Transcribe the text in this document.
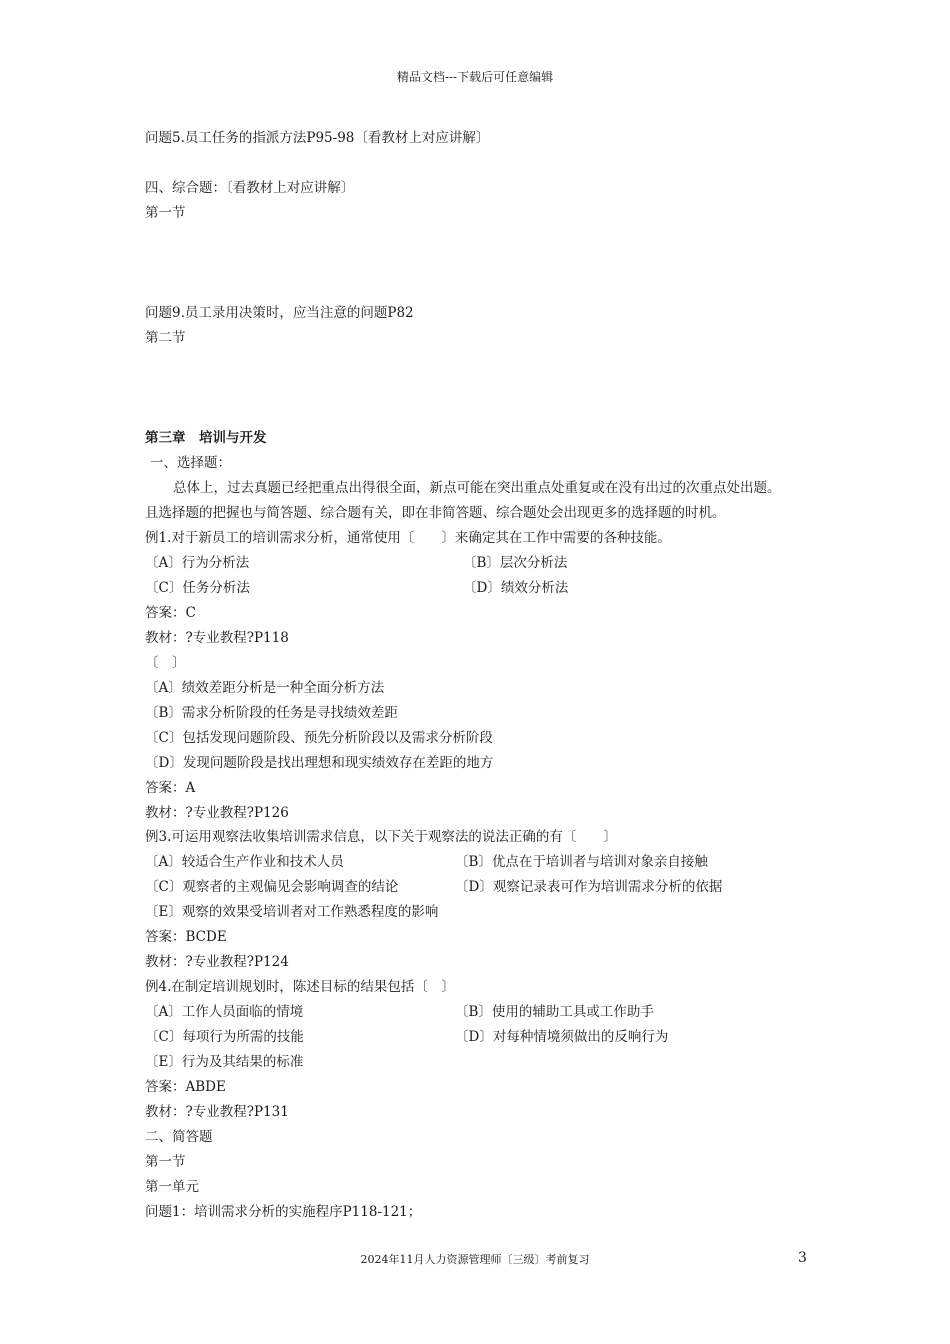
精品文档---下载后可任意编辑
问题5.员工任务的指派方法P95-98〔看教材上对应讲解〕
四、综合题：〔看教材上对应讲解〕
第一节
问题9.员工录用决策时，应当注意的问题P82
第二节
第三章　培训与开发
一、选择题：
总体上，过去真题已经把重点出得很全面，新点可能在突出重点处重复或在没有出过的次重点处出题。
且选择题的把握也与简答题、综合题有关，即在非简答题、综合题处会出现更多的选择题的时机。
例1.对于新员工的培训需求分析，通常使用〔　　〕来确定其在工作中需要的各种技能。
〔A〕行为分析法	〔B〕层次分析法
〔C〕任务分析法	〔D〕绩效分析法
答案：C
教材：?专业教程?P118
〔　〕
〔A〕绩效差距分析是一种全面分析方法
〔B〕需求分析阶段的任务是寻找绩效差距
〔C〕包括发现问题阶段、预先分析阶段以及需求分析阶段
〔D〕发现问题阶段是找出理想和现实绩效存在差距的地方
答案：A
教材：?专业教程?P126
例3.可运用观察法收集培训需求信息，以下关于观察法的说法正确的有〔　　〕
〔A〕较适合生产作业和技术人员	〔B〕优点在于培训者与培训对象亲自接触
〔C〕观察者的主观偏见会影响调查的结论	〔D〕观察记录表可作为培训需求分析的依据
〔E〕观察的效果受培训者对工作熟悉程度的影响
答案：BCDE
教材：?专业教程?P124
例4.在制定培训规划时，陈述目标的结果包括〔　〕
〔A〕工作人员面临的情境	〔B〕使用的辅助工具或工作助手
〔C〕每项行为所需的技能	〔D〕对每种情境须做出的反响行为
〔E〕行为及其结果的标准
答案：ABDE
教材：?专业教程?P131
二、简答题
第一节
第一单元
问题1：培训需求分析的实施程序P118-121；
2024年11月人力资源管理师〔三级〕考前复习	3
